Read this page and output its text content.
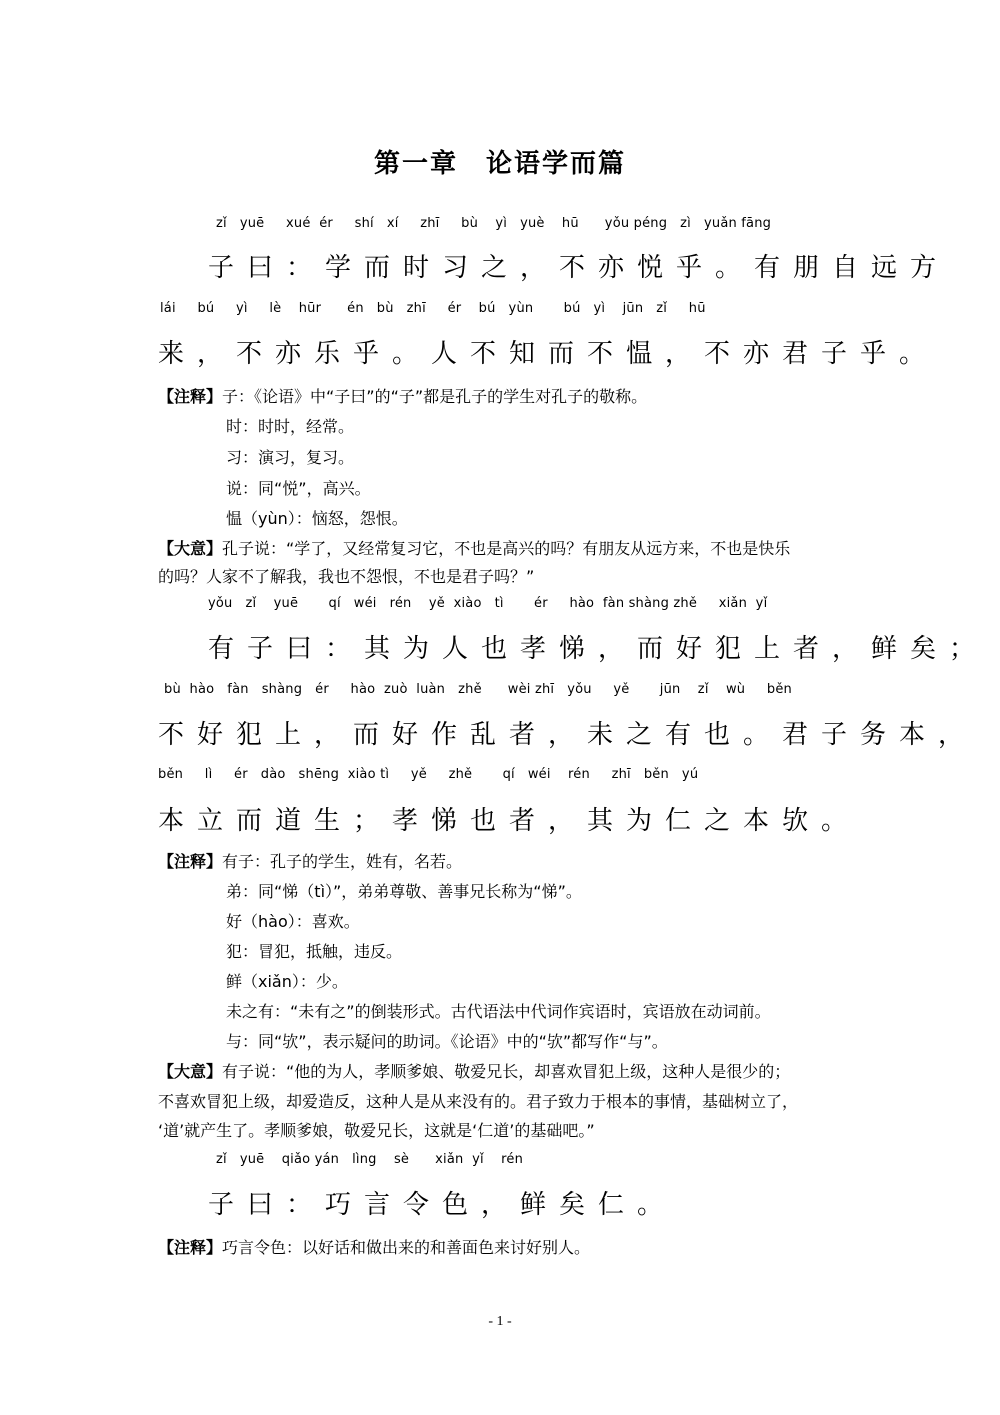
第一章　论语学而篇
zǐ   yuē     xué  ér     shí   xí     zhī     bù    yì   yuè    hū      yǒu péng   zì   yuǎn fāng
子曰：学而时习之，不亦悦乎。有朋自远方
lái     bú     yì     lè    hūr      én   bù   zhī     ér    bú   yùn       bú   yì    jūn   zǐ     hū
来，不亦乐乎。人不知而不愠，不亦君子乎。
【注释】子：《论语》中“子曰”的“子”都是孔子的学生对孔子的敬称。
时：时时，经常。
习：演习，复习。
说：同“悦”，高兴。
愠（yùn）：恼怒，怨恨。
【大意】孔子说：“学了，又经常复习它，不也是高兴的吗？有朋友从远方来，不也是快乐
的吗？人家不了解我，我也不怨恨，不也是君子吗？”
yǒu   zǐ    yuē       qí   wéi   rén    yě  xiào   tì       ér     hào  fàn shàng zhě     xiǎn  yǐ
有子曰：其为人也孝悌，而好犯上者，鲜矣；
bù  hào   fàn   shàng   ér     hào  zuò  luàn   zhě      wèi zhī   yǒu     yě       jūn    zǐ    wù     běn
不好犯上，而好作乱者，未之有也。君子务本，
běn     lì     ér   dào   shēng  xiào tì     yě     zhě       qí   wéi    rén     zhī   běn   yú
本立而道生；孝悌也者，其为仁之本欤。
【注释】有子：孔子的学生，姓有，名若。
弟：同“悌（tì）”，弟弟尊敬、善事兄长称为“悌”。
好（hào）：喜欢。
犯：冒犯，抵触，违反。
鲜（xiǎn）：少。
未之有：“未有之”的倒装形式。古代语法中代词作宾语时，宾语放在动词前。
与：同“欤”，表示疑问的助词。《论语》中的“欤”都写作“与”。
【大意】有子说：“他的为人，孝顺爹娘、敬爱兄长，却喜欢冒犯上级，这种人是很少的；
不喜欢冒犯上级，却爱造反，这种人是从来没有的。君子致力于根本的事情，基础树立了，
‘道’就产生了。孝顺爹娘，敬爱兄长，这就是‘仁道’的基础吧。”
zǐ   yuē    qiǎo yán   lìng    sè      xiǎn  yǐ    rén
子曰：巧言令色，鲜矣仁。
【注释】巧言令色：以好话和做出来的和善面色来讨好别人。
- 1 -
